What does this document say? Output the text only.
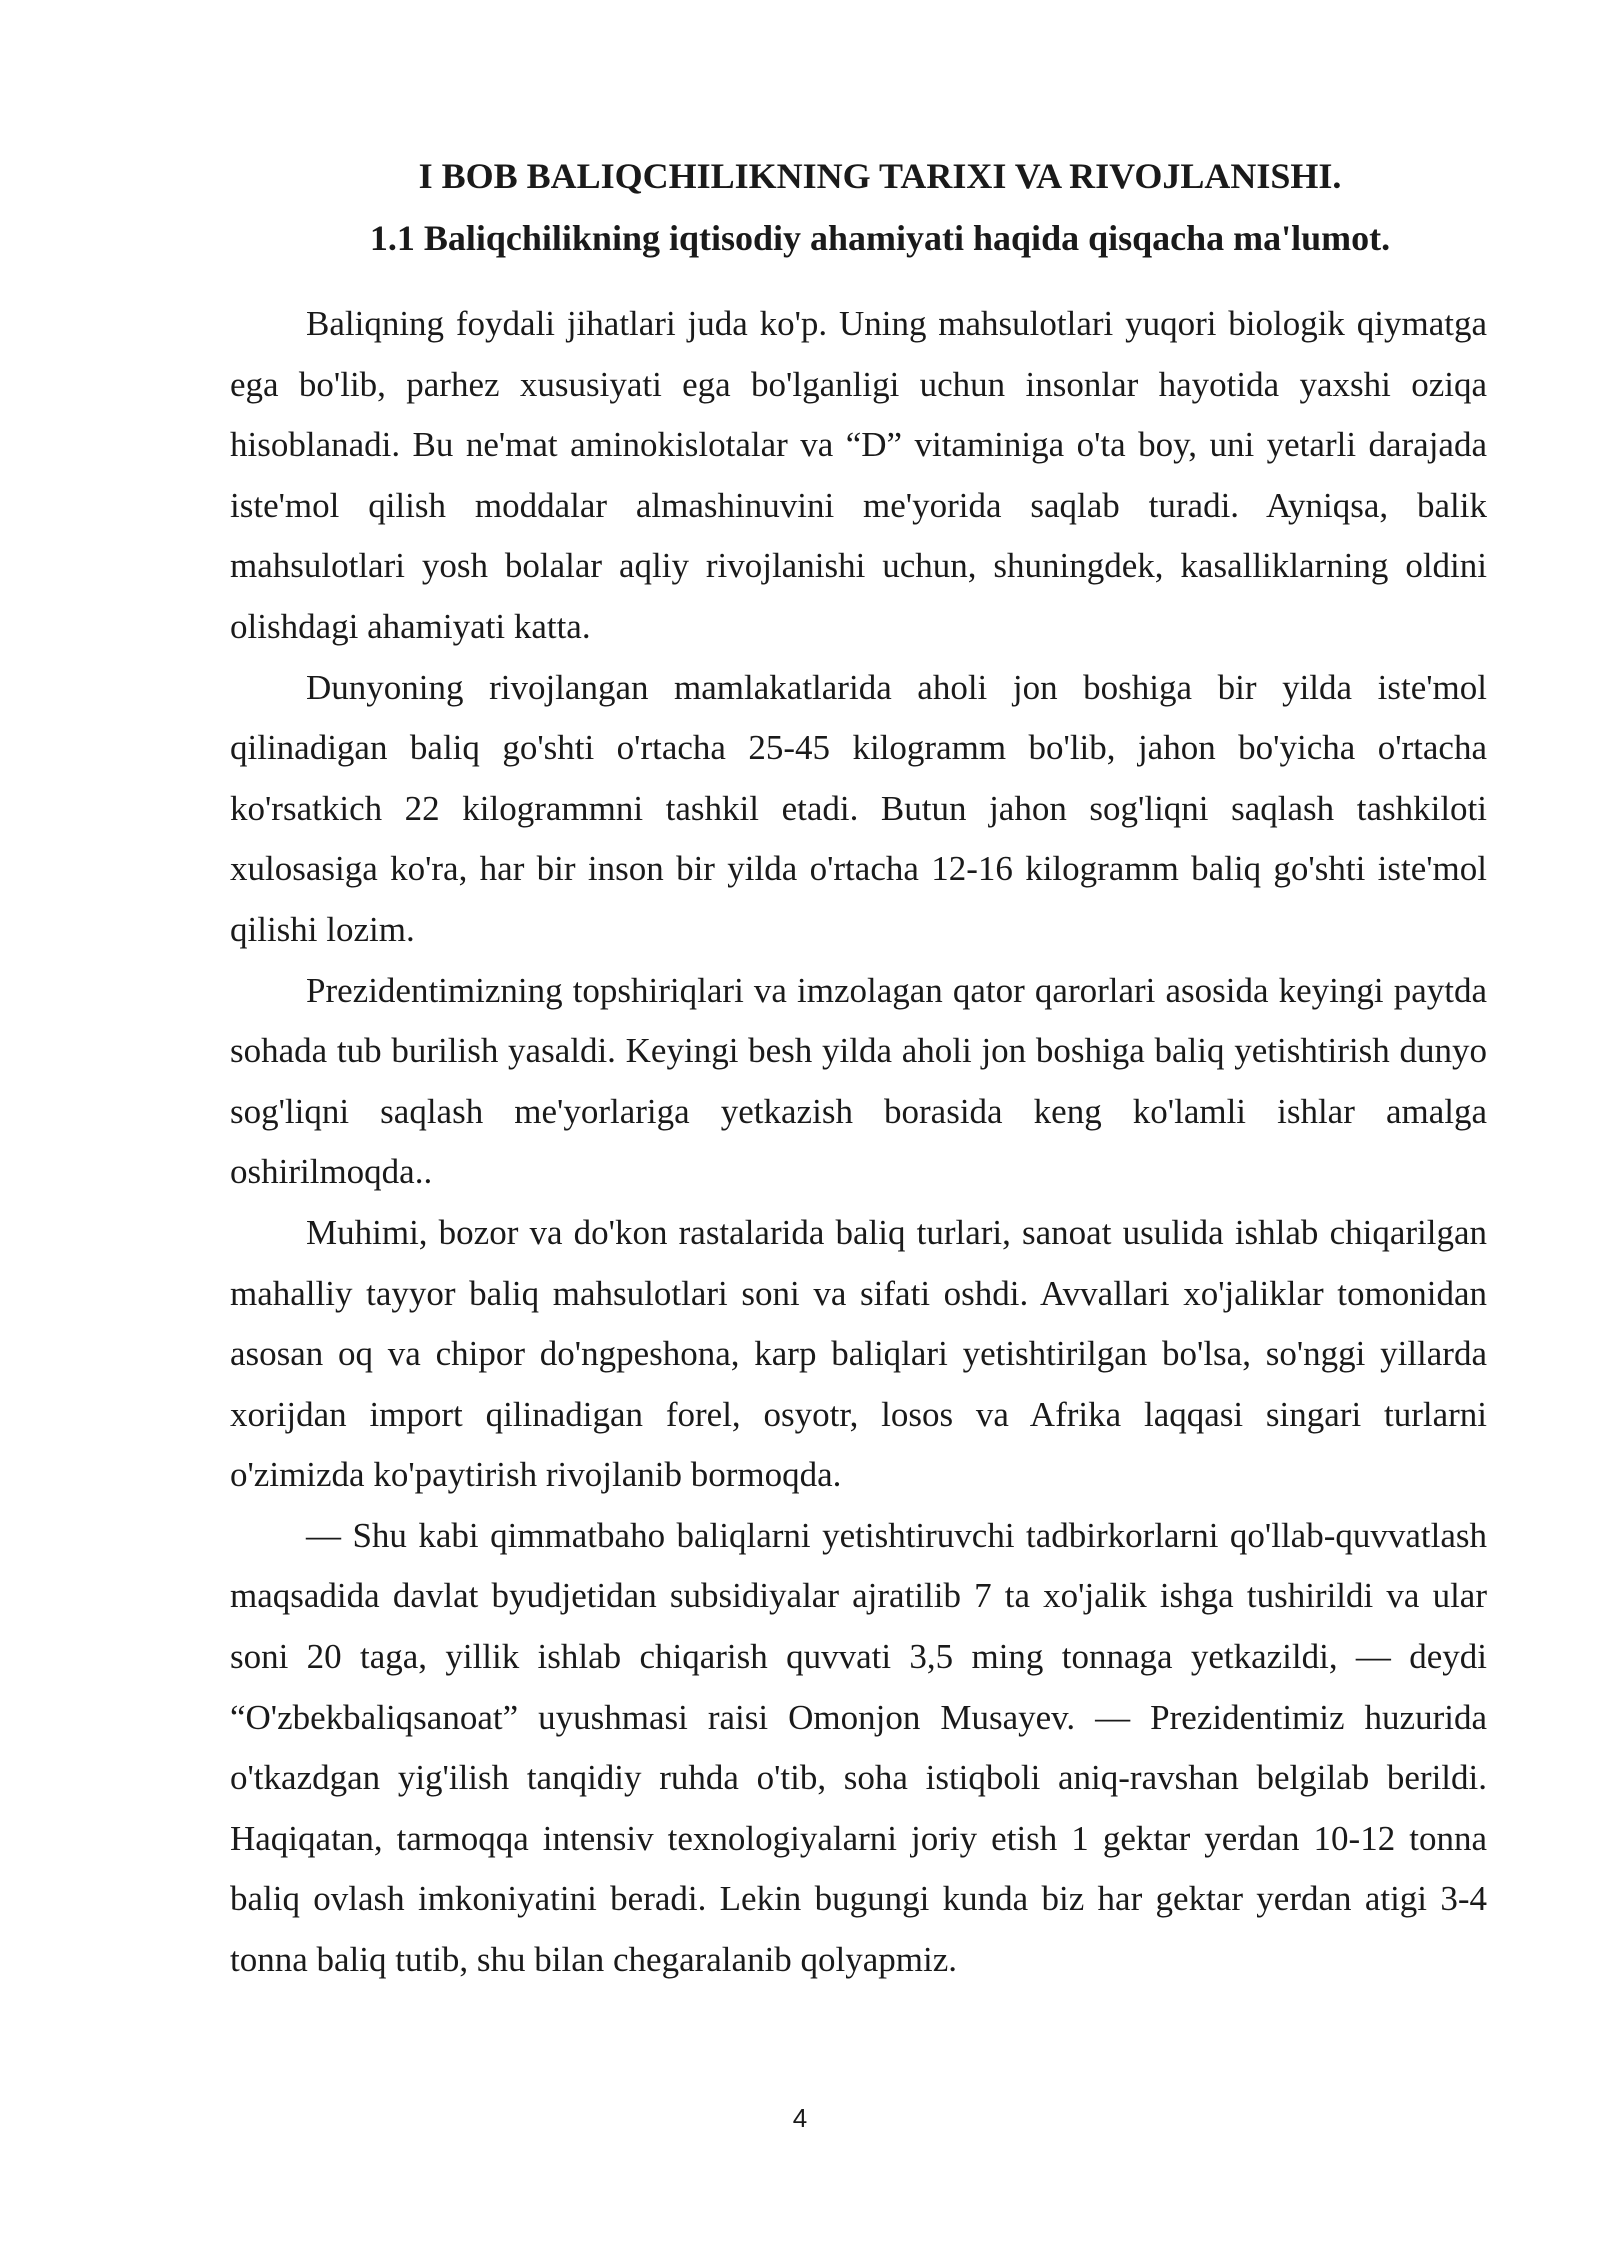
I BOB BALIQCHILIKNING TARIXI VA RIVOJLANISHI.
1.1 Baliqchilikning iqtisodiy ahamiyati haqida qisqacha ma'lumot.

Baliqning foydali jihatlari juda ko'p. Uning mahsulotlari yuqori biologik qiymatga ega bo'lib, parhez xususiyati ega bo'lganligi uchun insonlar hayotida yaxshi oziqa hisoblanadi. Bu ne'mat aminokislotalar va “D” vitaminiga o'ta boy, uni yetarli darajada iste'mol qilish moddalar almashinuvini me'yorida saqlab turadi. Ayniqsa, balik mahsulotlari yosh bolalar aqliy rivojlanishi uchun, shuningdek, kasalliklarning oldini olishdagi ahamiyati katta.

Dunyoning rivojlangan mamlakatlarida aholi jon boshiga bir yilda iste'mol qilinadigan baliq go'shti o'rtacha 25-45 kilogramm bo'lib, jahon bo'yicha o'rtacha ko'rsatkich 22 kilogrammni tashkil etadi. Butun jahon sog'liqni saqlash tashkiloti xulosasiga ko'ra, har bir inson bir yilda o'rtacha 12-16 kilogramm baliq go'shti iste'mol qilishi lozim.

Prezidentimizning topshiriqlari va imzolagan qator qarorlari asosida keyingi paytda sohada tub burilish yasaldi. Keyingi besh yilda aholi jon boshiga baliq yetishtirish dunyo sog'liqni saqlash me'yorlariga yetkazish borasida keng ko'lamli ishlar amalga oshirilmoqda..

Muhimi, bozor va do'kon rastalarida baliq turlari, sanoat usulida ishlab chiqarilgan mahalliy tayyor baliq mahsulotlari soni va sifati oshdi. Avvallari xo'jaliklar tomonidan asosan oq va chipor do'ngpeshona, karp baliqlari yetishtirilgan bo'lsa, so'nggi yillarda xorijdan import qilinadigan forel, osyotr, losos va Afrika laqqasi singari turlarni o'zimizda ko'paytirish rivojlanib bormoqda.

— Shu kabi qimmatbaho baliqlarni yetishtiruvchi tadbirkorlarni qo'llab-quvvatlash maqsadida davlat byudjetidan subsidiyalar ajratilib 7 ta xo'jalik ishga tushirildi va ular soni 20 taga, yillik ishlab chiqarish quvvati 3,5 ming tonnaga yetkazildi, — deydi “O'zbekbaliqsanoat” uyushmasi raisi Omonjon Musayev. — Prezidentimiz huzurida o'tkazdgan yig'ilish tanqidiy ruhda o'tib, soha istiqboli aniq-ravshan belgilab berildi. Haqiqatan, tarmoqqa intensiv texnologiyalarni joriy etish 1 gektar yerdan 10-12 tonna baliq ovlash imkoniyatini beradi. Lekin bugungi kunda biz har gektar yerdan atigi 3-4 tonna baliq tutib, shu bilan chegaralanib qolyapmiz.

4
